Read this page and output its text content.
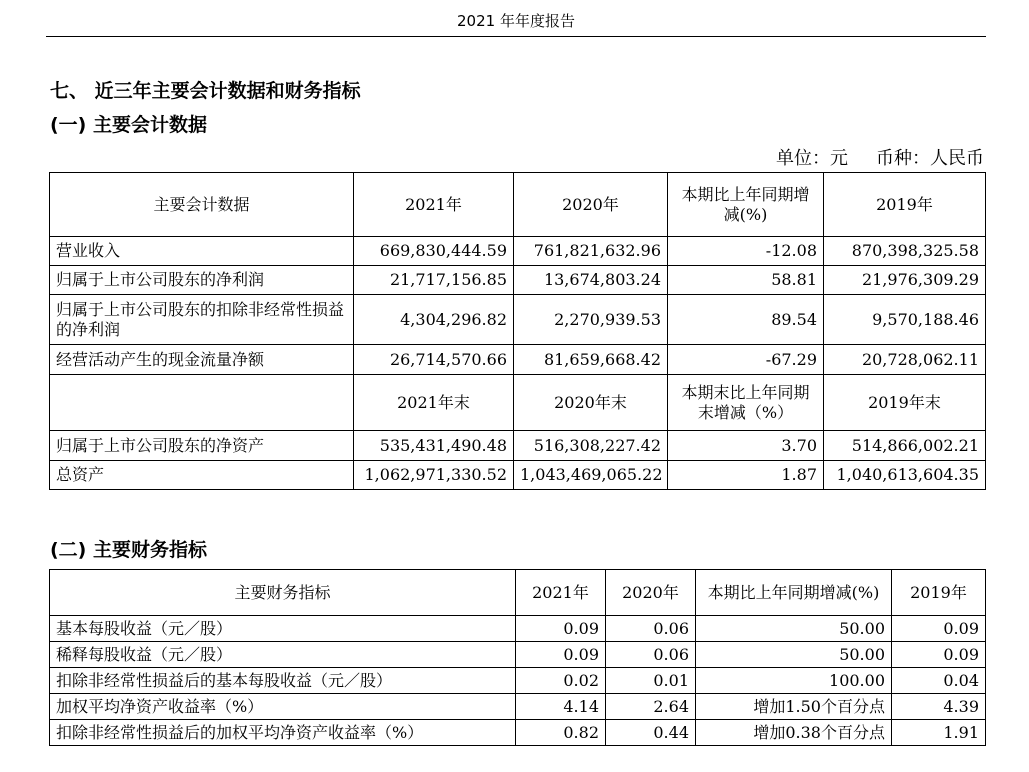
2021 年年度报告
七、 近三年主要会计数据和财务指标
(一) 主要会计数据
单位：元 币种：人民币
主要会计数据	2021年	2020年	本期比上年同期增减(%)	2019年
营业收入	669,830,444.59	761,821,632.96	-12.08	870,398,325.58
归属于上市公司股东的净利润	21,717,156.85	13,674,803.24	58.81	21,976,309.29
归属于上市公司股东的扣除非经常性损益的净利润	4,304,296.82	2,270,939.53	89.54	9,570,188.46
经营活动产生的现金流量净额	26,714,570.66	81,659,668.42	-67.29	20,728,062.11
	2021年末	2020年末	本期末比上年同期末增减（%）	2019年末
归属于上市公司股东的净资产	535,431,490.48	516,308,227.42	3.70	514,866,002.21
总资产	1,062,971,330.52	1,043,469,065.22	1.87	1,040,613,604.35
(二) 主要财务指标
主要财务指标	2021年	2020年	本期比上年同期增减(%)	2019年
基本每股收益（元／股）	0.09	0.06	50.00	0.09
稀释每股收益（元／股）	0.09	0.06	50.00	0.09
扣除非经常性损益后的基本每股收益（元／股）	0.02	0.01	100.00	0.04
加权平均净资产收益率（%）	4.14	2.64	增加1.50个百分点	4.39
扣除非经常性损益后的加权平均净资产收益率（%）	0.82	0.44	增加0.38个百分点	1.91
